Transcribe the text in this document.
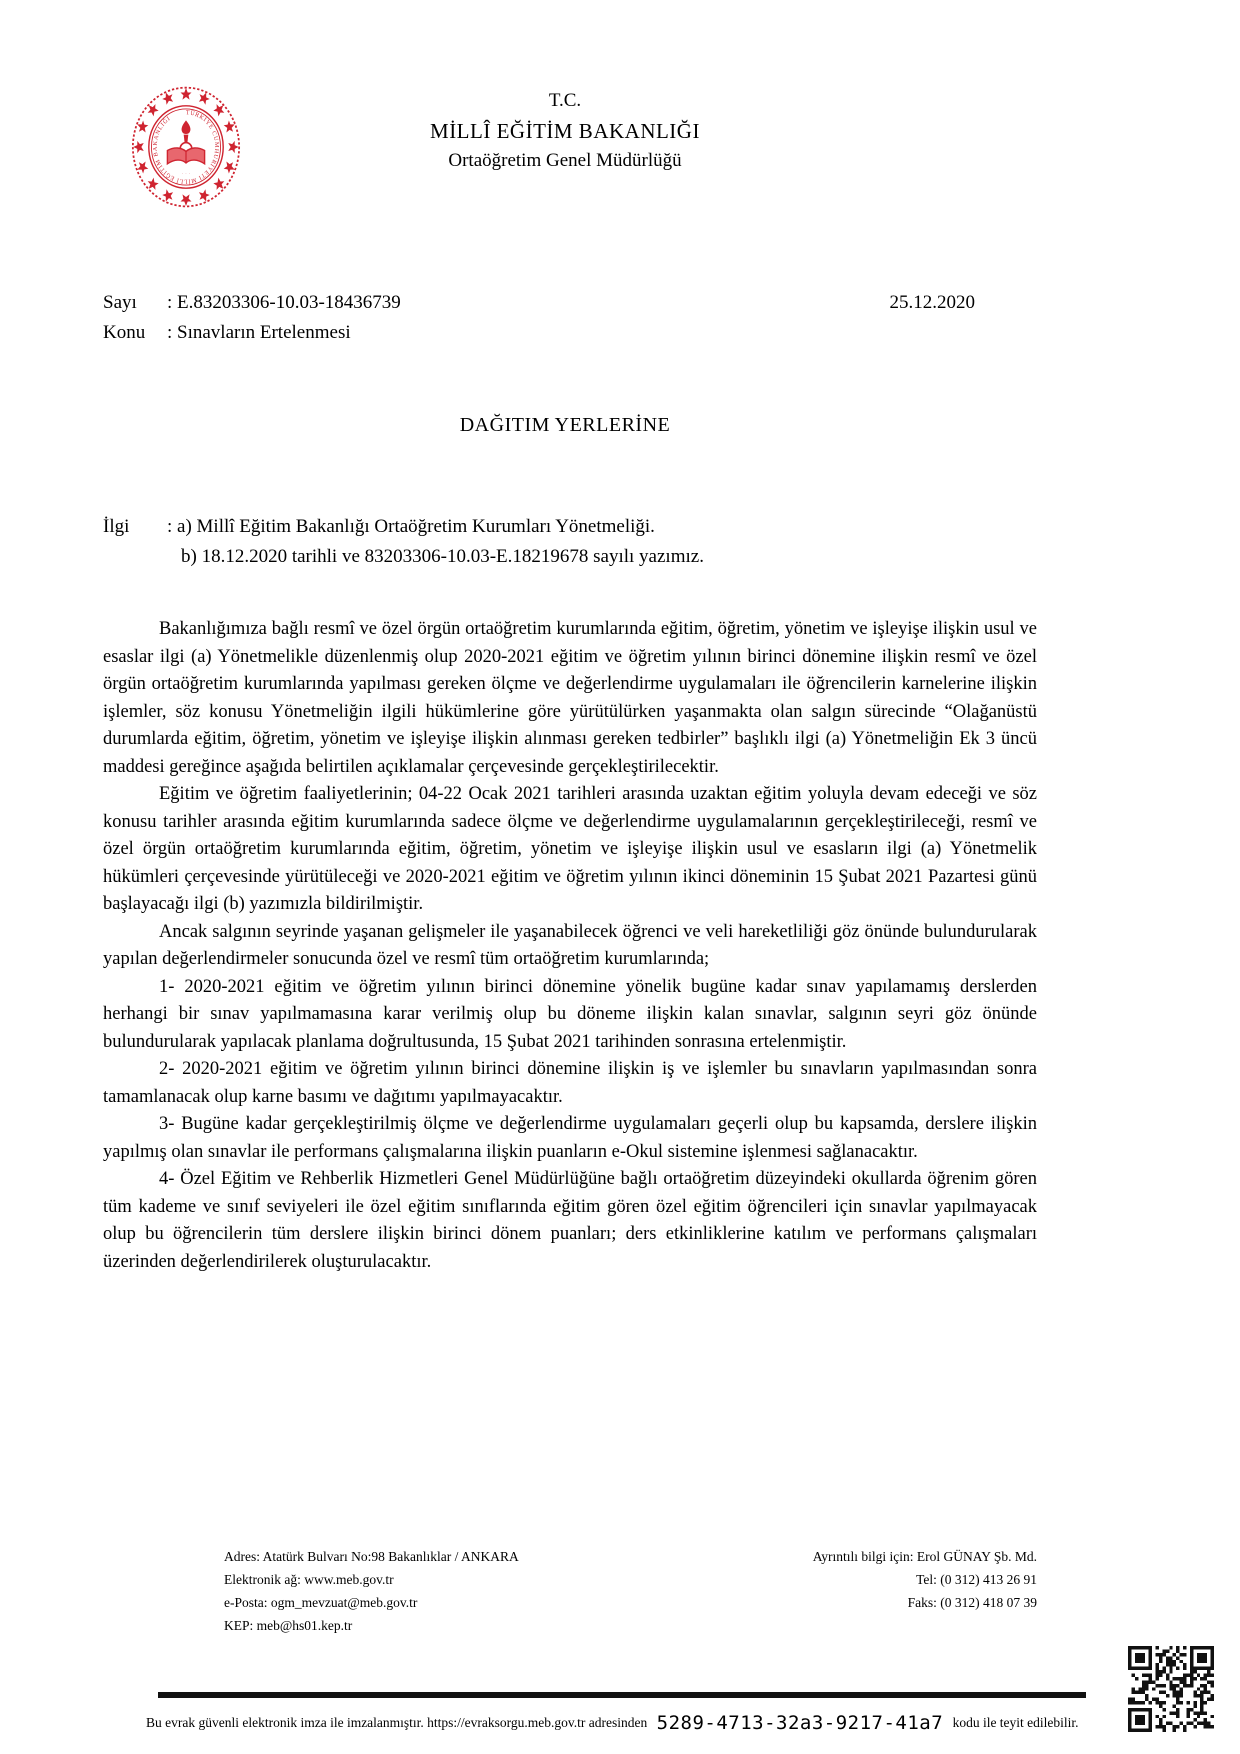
TÜRKİYE CUMHURİYETİ MİLLÎ EĞİTİM BAKANLIĞI
·  ·  ·
T.C.
MİLLÎ EĞİTİM BAKANLIĞI
Ortaöğretim Genel Müdürlüğü
Sayı : E.83203306-10.03-18436739	25.12.2020
Konu : Sınavların Ertelenmesi
DAĞITIM YERLERİNE
İlgi : a) Millî Eğitim Bakanlığı Ortaöğretim Kurumları Yönetmeliği.
b) 18.12.2020 tarihli ve 83203306-10.03-E.18219678 sayılı yazımız.

Bakanlığımıza bağlı resmî ve özel örgün ortaöğretim kurumlarında eğitim, öğretim, yönetim ve işleyişe ilişkin usul ve esaslar ilgi (a) Yönetmelikle düzenlenmiş olup 2020-2021 eğitim ve öğretim yılının birinci dönemine ilişkin resmî ve özel örgün ortaöğretim kurumlarında yapılması gereken ölçme ve değerlendirme uygulamaları ile öğrencilerin karnelerine ilişkin işlemler, söz konusu Yönetmeliğin ilgili hükümlerine göre yürütülürken yaşanmakta olan salgın sürecinde “Olağanüstü durumlarda eğitim, öğretim, yönetim ve işleyişe ilişkin alınması gereken tedbirler” başlıklı ilgi (a) Yönetmeliğin Ek 3 üncü maddesi gereğince aşağıda belirtilen açıklamalar çerçevesinde gerçekleştirilecektir.

Eğitim ve öğretim faaliyetlerinin; 04-22 Ocak 2021 tarihleri arasında uzaktan eğitim yoluyla devam edeceği ve söz konusu tarihler arasında eğitim kurumlarında sadece ölçme ve değerlendirme uygulamalarının gerçekleştirileceği, resmî ve özel örgün ortaöğretim kurumlarında eğitim, öğretim, yönetim ve işleyişe ilişkin usul ve esasların ilgi (a) Yönetmelik hükümleri çerçevesinde yürütüleceği ve 2020-2021 eğitim ve öğretim yılının ikinci döneminin 15 Şubat 2021 Pazartesi günü başlayacağı ilgi (b) yazımızla bildirilmiştir.

Ancak salgının seyrinde yaşanan gelişmeler ile yaşanabilecek öğrenci ve veli hareketliliği göz önünde bulundurularak yapılan değerlendirmeler sonucunda özel ve resmî tüm ortaöğretim kurumlarında;

1- 2020-2021 eğitim ve öğretim yılının birinci dönemine yönelik bugüne kadar sınav yapılamamış derslerden herhangi bir sınav yapılmamasına karar verilmiş olup bu döneme ilişkin kalan sınavlar, salgının seyri göz önünde bulundurularak yapılacak planlama doğrultusunda, 15 Şubat 2021 tarihinden sonrasına ertelenmiştir.

2- 2020-2021 eğitim ve öğretim yılının birinci dönemine ilişkin iş ve işlemler bu sınavların yapılmasından sonra tamamlanacak olup karne basımı ve dağıtımı yapılmayacaktır.

3- Bugüne kadar gerçekleştirilmiş ölçme ve değerlendirme uygulamaları geçerli olup bu kapsamda, derslere ilişkin yapılmış olan sınavlar ile performans çalışmalarına ilişkin puanların e-Okul sistemine işlenmesi sağlanacaktır.

4- Özel Eğitim ve Rehberlik Hizmetleri Genel Müdürlüğüne bağlı ortaöğretim düzeyindeki okullarda öğrenim gören tüm kademe ve sınıf seviyeleri ile özel eğitim sınıflarında eğitim gören özel eğitim öğrencileri için sınavlar yapılmayacak olup bu öğrencilerin tüm derslere ilişkin birinci dönem puanları; ders etkinliklerine katılım ve performans çalışmaları üzerinden değerlendirilerek oluşturulacaktır.

Adres: Atatürk Bulvarı No:98 Bakanlıklar / ANKARA
Elektronik ağ: www.meb.gov.tr
e-Posta: ogm_mevzuat@meb.gov.tr
KEP: meb@hs01.kep.tr
Ayrıntılı bilgi için: Erol GÜNAY Şb. Md.
Tel: (0 312) 413 26 91
Faks: (0 312) 418 07 39
Bu evrak güvenli elektronik imza ile imzalanmıştır. https://evraksorgu.meb.gov.tr adresinden 5289-4713-32a3-9217-41a7 kodu ile teyit edilebilir.
